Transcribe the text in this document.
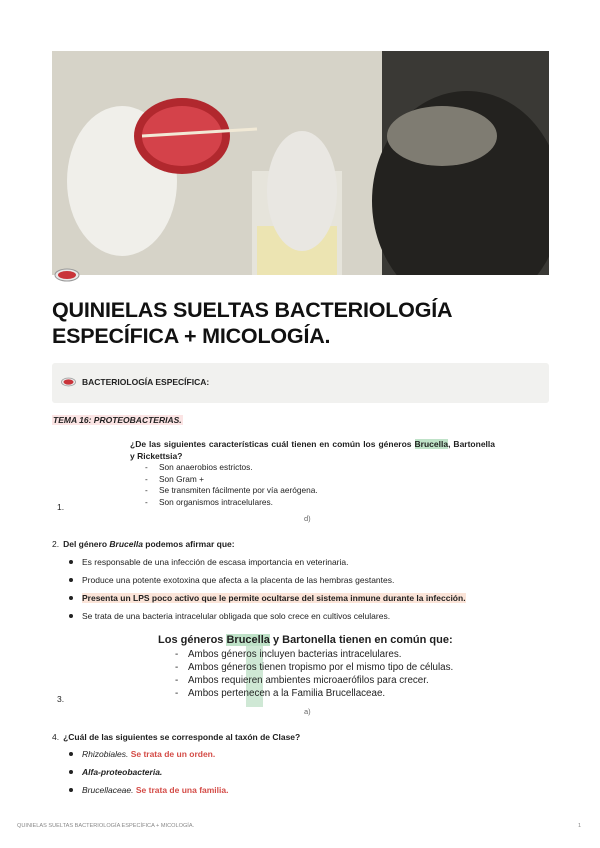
QUINIELAS SUELTAS BACTERIOLOGÍA
ESPECÍFICA + MICOLOGÍA.
BACTERIOLOGÍA ESPECÍFICA:
TEMA 16: PROTEOBACTERIAS.
¿De las siguientes características cuál tienen en común los géneros Brucella, Bartonella y Rickettsia?
- Son anaerobios estrictos.
- Son Gram +
- Se transmiten fácilmente por vía aerógena.
- Son organismos intracelulares.
1.
d)
2. Del género Brucella podemos afirmar que:
Es responsable de una infección de escasa importancia en veterinaria.
Produce una potente exotoxina que afecta a la placenta de las hembras gestantes.
Presenta un LPS poco activo que le permite ocultarse del sistema inmune durante la infección.
Se trata de una bacteria intracelular obligada que solo crece en cultivos celulares.
Los géneros Brucella y Bartonella tienen en común que:
- Ambos géneros incluyen bacterias intracelulares.
- Ambos géneros tienen tropismo por el mismo tipo de células.
- Ambos requieren ambientes microaerófilos para crecer.
- Ambos pertenecen a la Familia Brucellaceae.
3.
a)
4. ¿Cuál de las siguientes se corresponde al taxón de Clase?
Rhizobiales. Se trata de un orden.
Alfa-proteobacteria.
Brucellaceae. Se trata de una familia.
QUINIELAS SUELTAS BACTERIOLOGÍA ESPECÍFICA + MICOLOGÍA.	1
